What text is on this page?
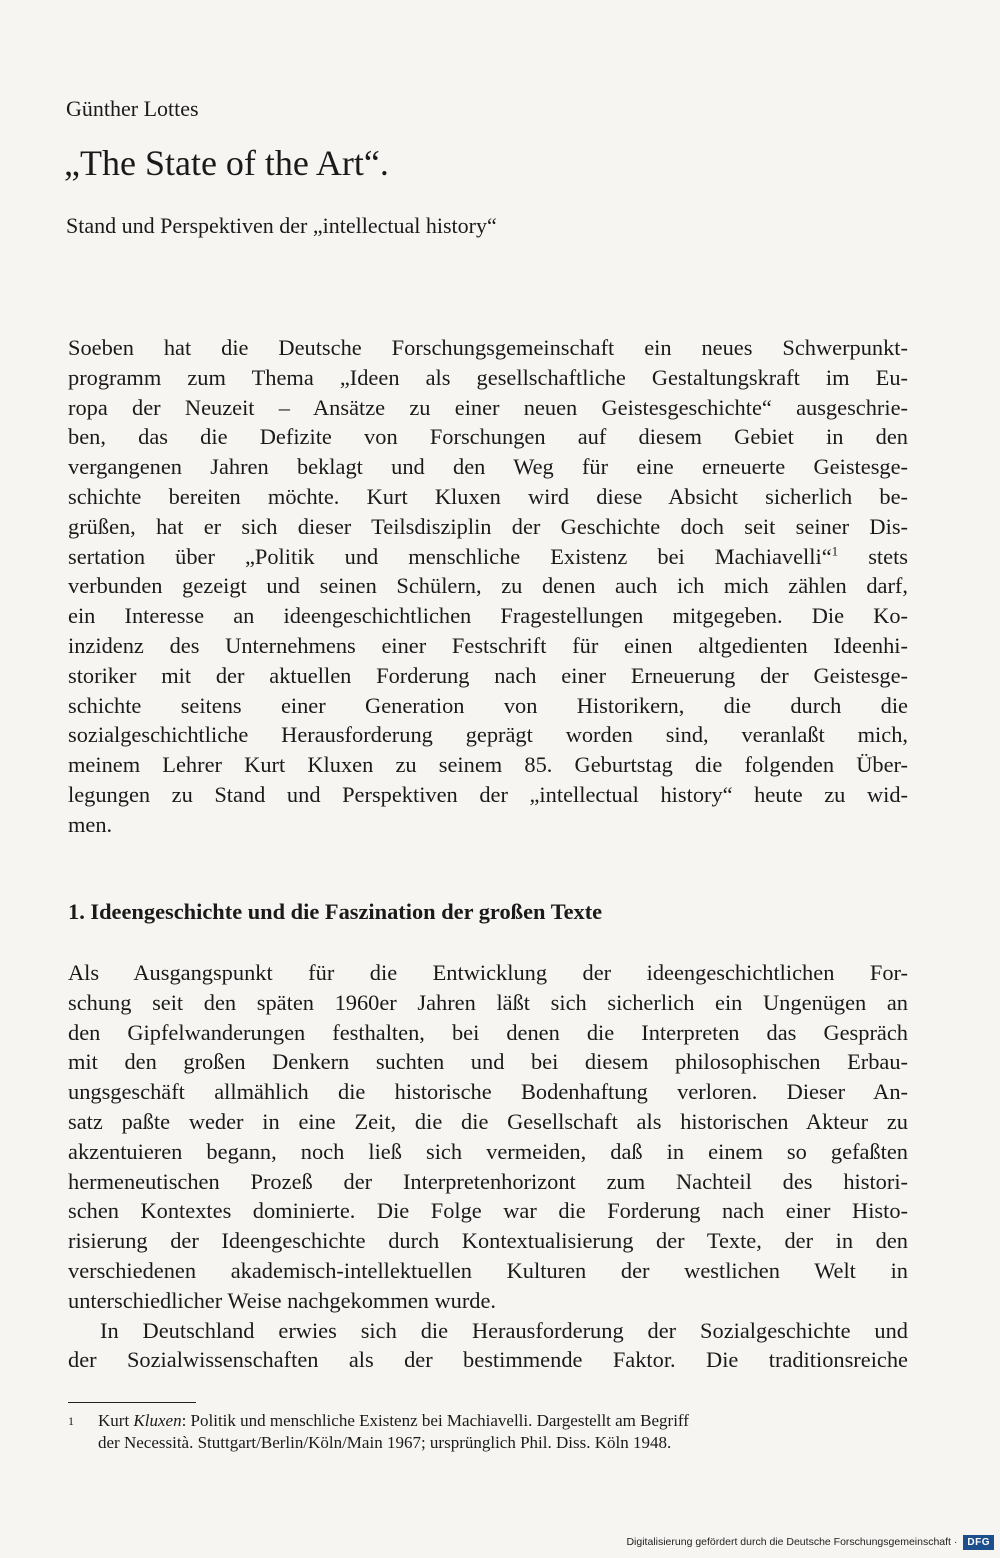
Günther Lottes
„The State of the Art“.
Stand und Perspektiven der „intellectual history“
Soeben hat die Deutsche Forschungsgemeinschaft ein neues Schwerpunkt-
programm zum Thema „Ideen als gesellschaftliche Gestaltungskraft im Eu-
ropa der Neuzeit – Ansätze zu einer neuen Geistesgeschichte“ ausgeschrie-
ben, das die Defizite von Forschungen auf diesem Gebiet in den
vergangenen Jahren beklagt und den Weg für eine erneuerte Geistesge-
schichte bereiten möchte. Kurt Kluxen wird diese Absicht sicherlich be-
grüßen, hat er sich dieser Teilsdisziplin der Geschichte doch seit seiner Dis-
sertation über „Politik und menschliche Existenz bei Machiavelli“$^1$ stets
verbunden gezeigt und seinen Schülern, zu denen auch ich mich zählen darf,
ein Interesse an ideengeschichtlichen Fragestellungen mitgegeben. Die Ko-
inzidenz des Unternehmens einer Festschrift für einen altgedienten Ideenhi-
storiker mit der aktuellen Forderung nach einer Erneuerung der Geistesge-
schichte seitens einer Generation von Historikern, die durch die
sozialgeschichtliche Herausforderung geprägt worden sind, veranlaßt mich,
meinem Lehrer Kurt Kluxen zu seinem 85. Geburtstag die folgenden Über-
legungen zu Stand und Perspektiven der „intellectual history“ heute zu wid-
men.
1. Ideengeschichte und die Faszination der großen Texte
Als Ausgangspunkt für die Entwicklung der ideengeschichtlichen For-
schung seit den späten 1960er Jahren läßt sich sicherlich ein Ungenügen an
den Gipfelwanderungen festhalten, bei denen die Interpreten das Gespräch
mit den großen Denkern suchten und bei diesem philosophischen Erbau-
ungsgeschäft allmählich die historische Bodenhaftung verloren. Dieser An-
satz paßte weder in eine Zeit, die die Gesellschaft als historischen Akteur zu
akzentuieren begann, noch ließ sich vermeiden, daß in einem so gefaßten
hermeneutischen Prozeß der Interpretenhorizont zum Nachteil des histori-
schen Kontextes dominierte. Die Folge war die Forderung nach einer Histo-
risierung der Ideengeschichte durch Kontextualisierung der Texte, der in den
verschiedenen akademisch-intellektuellen Kulturen der westlichen Welt in
unterschiedlicher Weise nachgekommen wurde.
In Deutschland erwies sich die Herausforderung der Sozialgeschichte und
der Sozialwissenschaften als der bestimmende Faktor. Die traditionsreiche
1 Kurt Kluxen: Politik und menschliche Existenz bei Machiavelli. Dargestellt am Begriff
der Necessità. Stuttgart/Berlin/Köln/Main 1967; ursprünglich Phil. Diss. Köln 1948.
Digitalisierung gefördert durch die Deutsche Forschungsgemeinschaft ·	DFG
